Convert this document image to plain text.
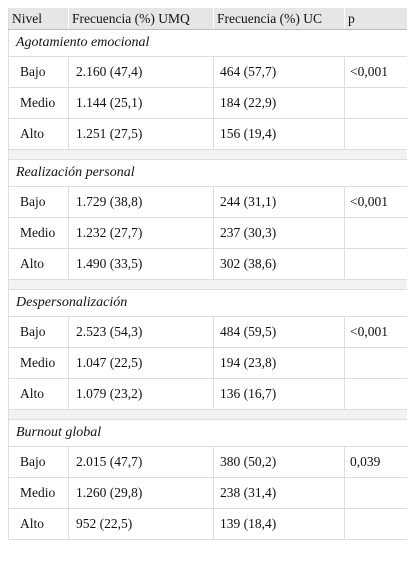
Nivel	Frecuencia (%) UMQ	Frecuencia (%) UC	p
Agotamiento emocional			
Bajo	2.160 (47,4)	464 (57,7)	<0,001
Medio	1.144 (25,1)	184 (22,9)	
Alto	1.251 (27,5)	156 (19,4)	

Realización personal			
Bajo	1.729 (38,8)	244 (31,1)	<0,001
Medio	1.232 (27,7)	237 (30,3)	
Alto	1.490 (33,5)	302 (38,6)	

Despersonalización			
Bajo	2.523 (54,3)	484 (59,5)	<0,001
Medio	1.047 (22,5)	194 (23,8)	
Alto	1.079 (23,2)	136 (16,7)	

Burnout global			
Bajo	2.015 (47,7)	380 (50,2)	0,039
Medio	1.260 (29,8)	238 (31,4)	
Alto	952 (22,5)	139 (18,4)	
